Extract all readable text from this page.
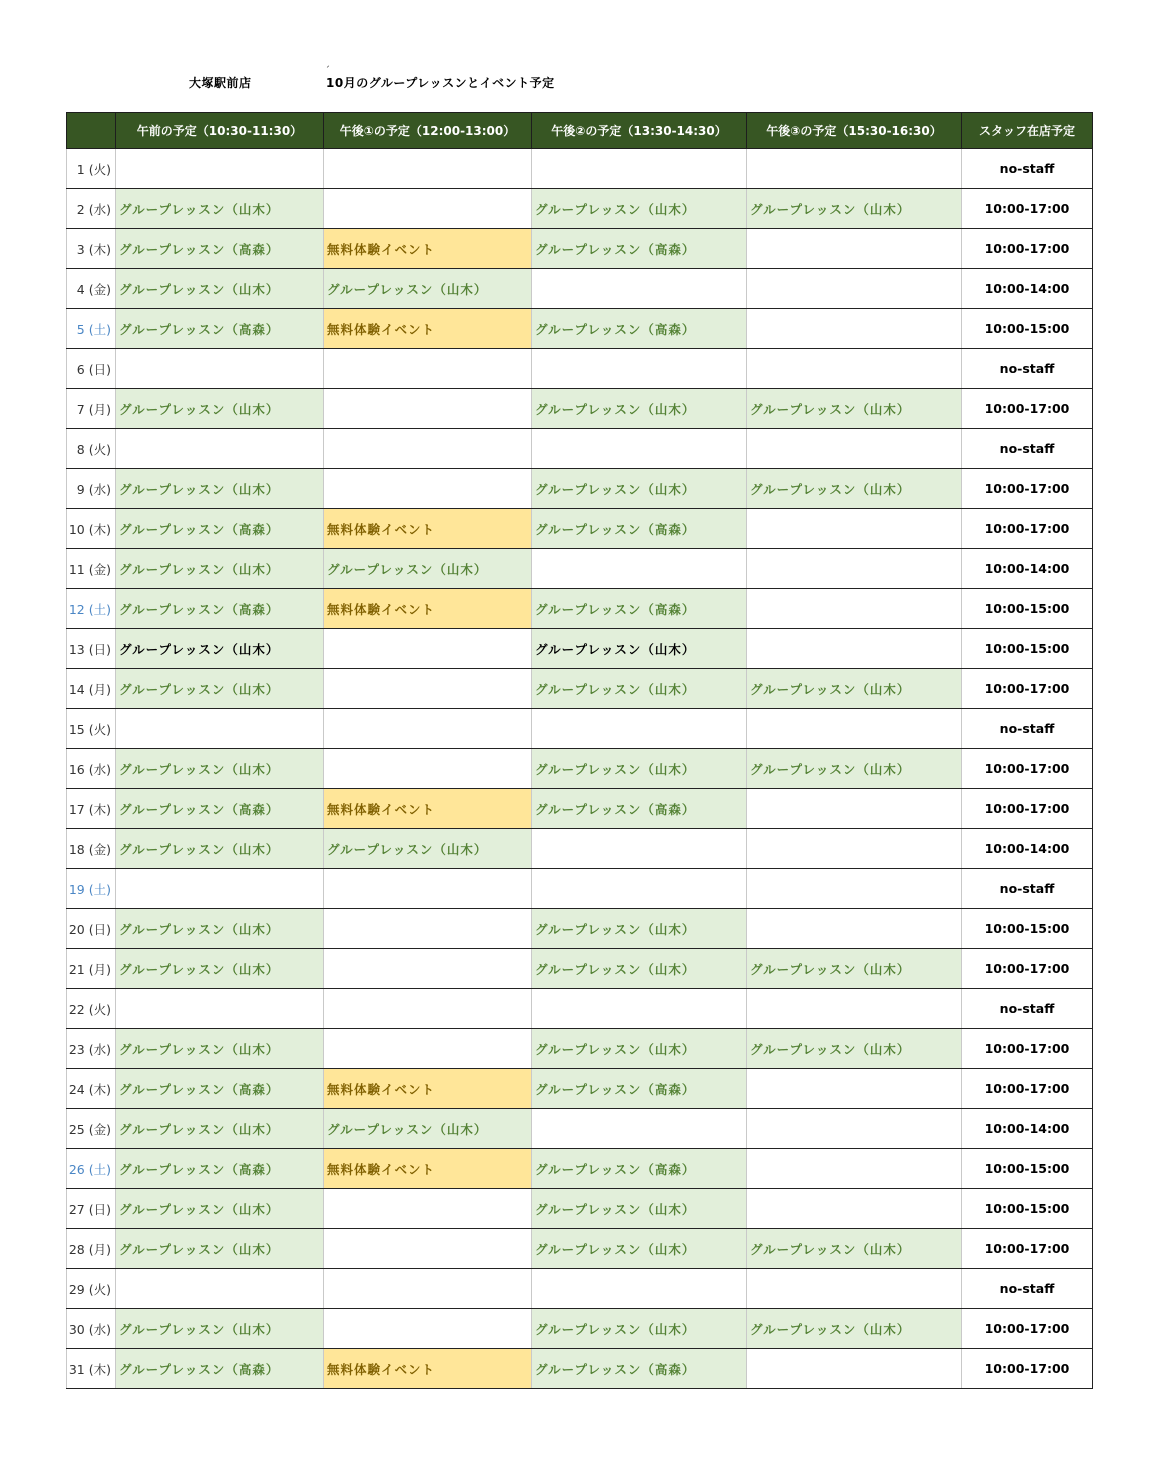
ˏ
大塚駅前店	10月のグループレッスンとイベント予定
	午前の予定（10:30-11:30）	午後①の予定（12:00-13:00）	午後②の予定（13:30-14:30）	午後③の予定（15:30-16:30）	スタッフ在店予定
1 (火)					no-staff
2 (水)	グループレッスン（山木）		グループレッスン（山木）	グループレッスン（山木）	10:00-17:00
3 (木)	グループレッスン（高森）	無料体験イベント	グループレッスン（高森）		10:00-17:00
4 (金)	グループレッスン（山木）	グループレッスン（山木）			10:00-14:00
5 (土)	グループレッスン（高森）	無料体験イベント	グループレッスン（高森）		10:00-15:00
6 (日)					no-staff
7 (月)	グループレッスン（山木）		グループレッスン（山木）	グループレッスン（山木）	10:00-17:00
8 (火)					no-staff
9 (水)	グループレッスン（山木）		グループレッスン（山木）	グループレッスン（山木）	10:00-17:00
10 (木)	グループレッスン（高森）	無料体験イベント	グループレッスン（高森）		10:00-17:00
11 (金)	グループレッスン（山木）	グループレッスン（山木）			10:00-14:00
12 (土)	グループレッスン（高森）	無料体験イベント	グループレッスン（高森）		10:00-15:00
13 (日)	グループレッスン（山木）		グループレッスン（山木）		10:00-15:00
14 (月)	グループレッスン（山木）		グループレッスン（山木）	グループレッスン（山木）	10:00-17:00
15 (火)					no-staff
16 (水)	グループレッスン（山木）		グループレッスン（山木）	グループレッスン（山木）	10:00-17:00
17 (木)	グループレッスン（高森）	無料体験イベント	グループレッスン（高森）		10:00-17:00
18 (金)	グループレッスン（山木）	グループレッスン（山木）			10:00-14:00
19 (土)					no-staff
20 (日)	グループレッスン（山木）		グループレッスン（山木）		10:00-15:00
21 (月)	グループレッスン（山木）		グループレッスン（山木）	グループレッスン（山木）	10:00-17:00
22 (火)					no-staff
23 (水)	グループレッスン（山木）		グループレッスン（山木）	グループレッスン（山木）	10:00-17:00
24 (木)	グループレッスン（高森）	無料体験イベント	グループレッスン（高森）		10:00-17:00
25 (金)	グループレッスン（山木）	グループレッスン（山木）			10:00-14:00
26 (土)	グループレッスン（高森）	無料体験イベント	グループレッスン（高森）		10:00-15:00
27 (日)	グループレッスン（山木）		グループレッスン（山木）		10:00-15:00
28 (月)	グループレッスン（山木）		グループレッスン（山木）	グループレッスン（山木）	10:00-17:00
29 (火)					no-staff
30 (水)	グループレッスン（山木）		グループレッスン（山木）	グループレッスン（山木）	10:00-17:00
31 (木)	グループレッスン（高森）	無料体験イベント	グループレッスン（高森）		10:00-17:00
